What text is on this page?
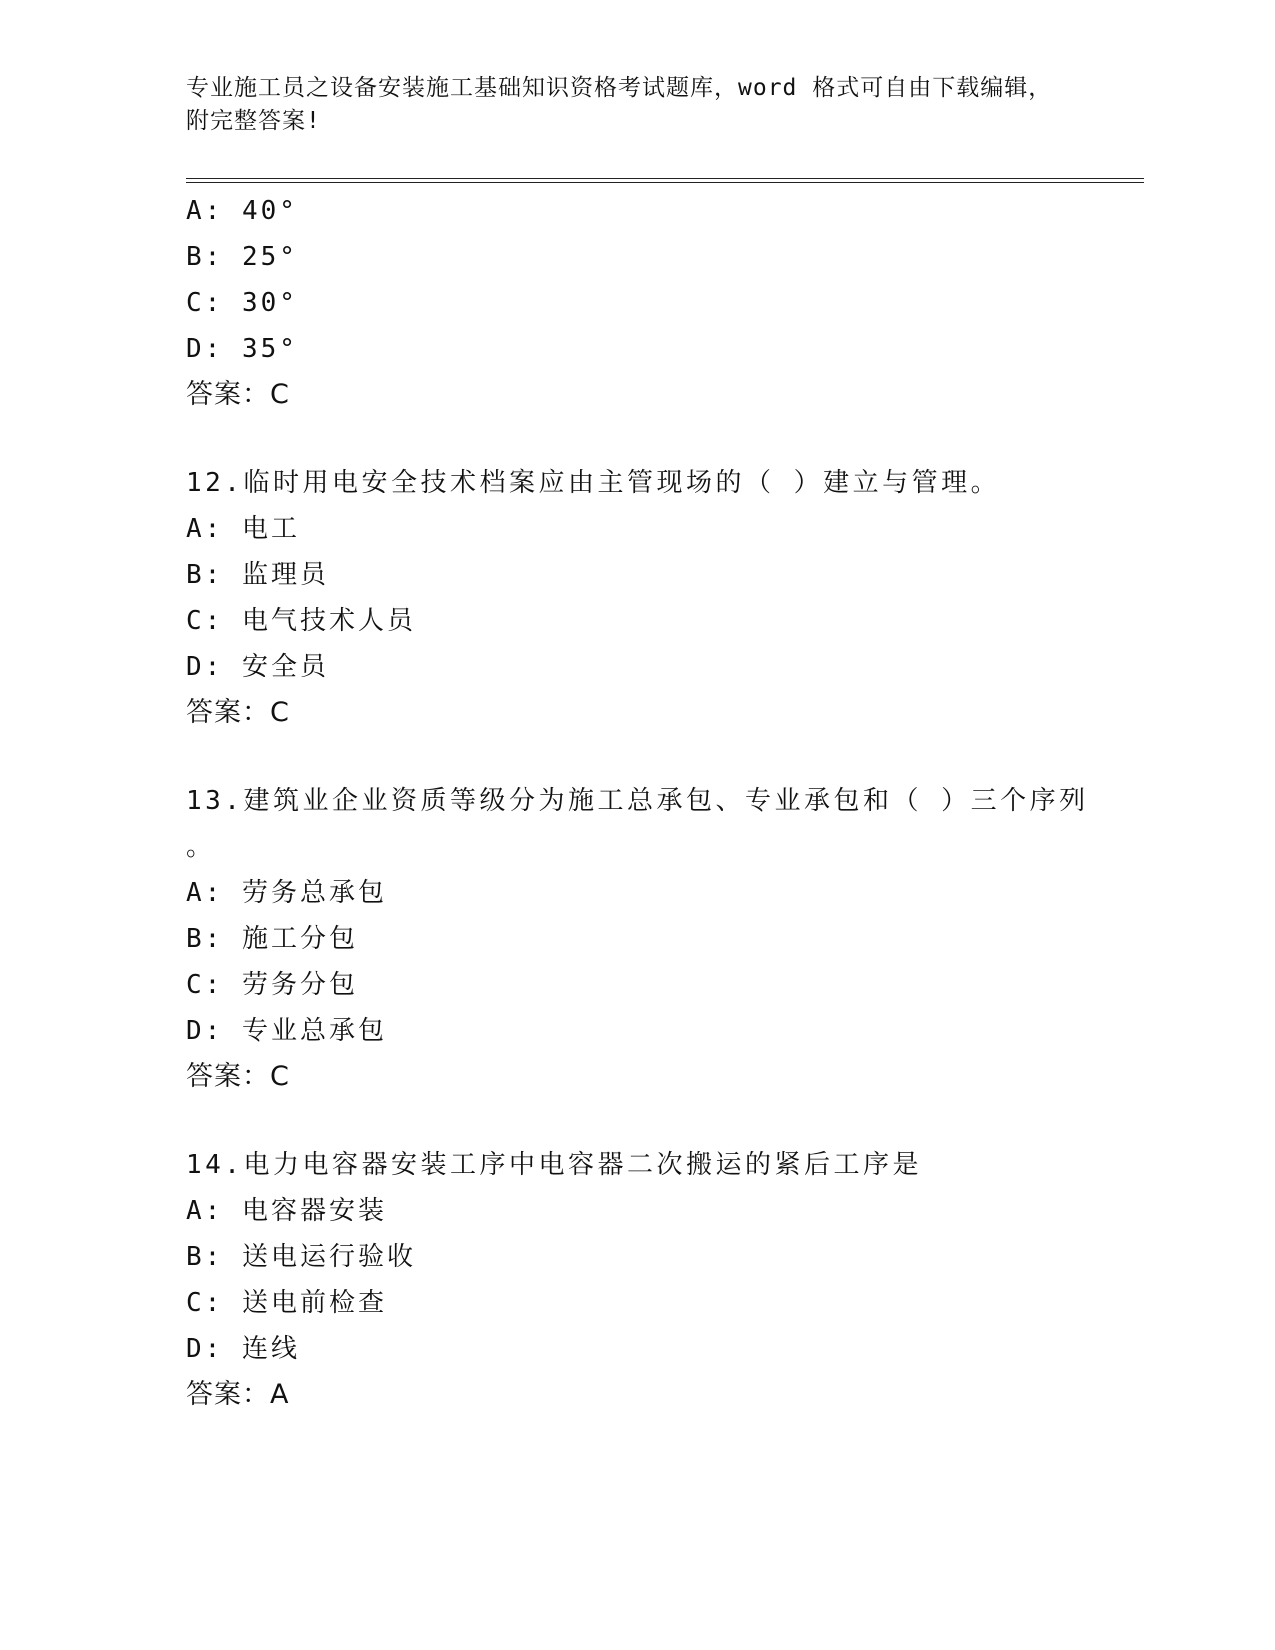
专业施工员之设备安装施工基础知识资格考试题库，word 格式可自由下载编辑，
附完整答案!
A: 40°
B: 25°
C: 30°
D: 35°
答案：C
12.临时用电安全技术档案应由主管现场的（ ）建立与管理。
A: 电工
B: 监理员
C: 电气技术人员
D: 安全员
答案：C
13.建筑业企业资质等级分为施工总承包、专业承包和（ ）三个序列
。
A: 劳务总承包
B: 施工分包
C: 劳务分包
D: 专业总承包
答案：C
14.电力电容器安装工序中电容器二次搬运的紧后工序是
A: 电容器安装
B: 送电运行验收
C: 送电前检查
D: 连线
答案：A
